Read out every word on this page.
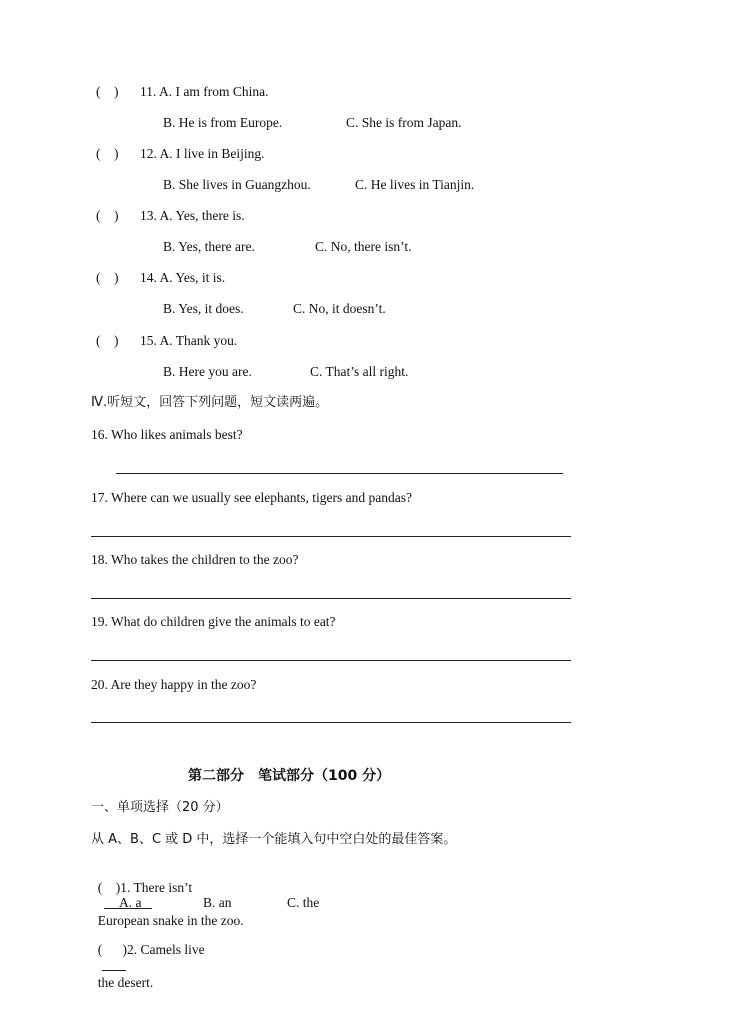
(    ) 11. A. I am from China.
B. He is from Europe.	C. She is from Japan.
(    ) 12. A. I live in Beijing.
B. She lives in Guangzhou.	C. He lives in Tianjin.
(    ) 13. A. Yes, there is.
B. Yes, there are.	C. No, there isn’t.
(    ) 14. A. Yes, it is.
B. Yes, it does.	C. No, it doesn’t.
(    ) 15. A. Thank you.
B. Here you are.	C. That’s all right.
Ⅳ.听短文，回答下列问题，短文读两遍。
16. Who likes animals best?
17. Where can we usually see elephants, tigers and pandas?
18. Who takes the children to the zoo?
19. What do children give the animals to eat?
20. Are they happy in the zoo?
第二部分　笔试部分（100 分）
一、单项选择（20 分）
从 A、B、C 或 D 中，选择一个能填入句中空白处的最佳答案。

(    )1. There isn’t

European snake in the zoo.

A. a	B. an	C. the

(      )2. Camels live

the desert.
